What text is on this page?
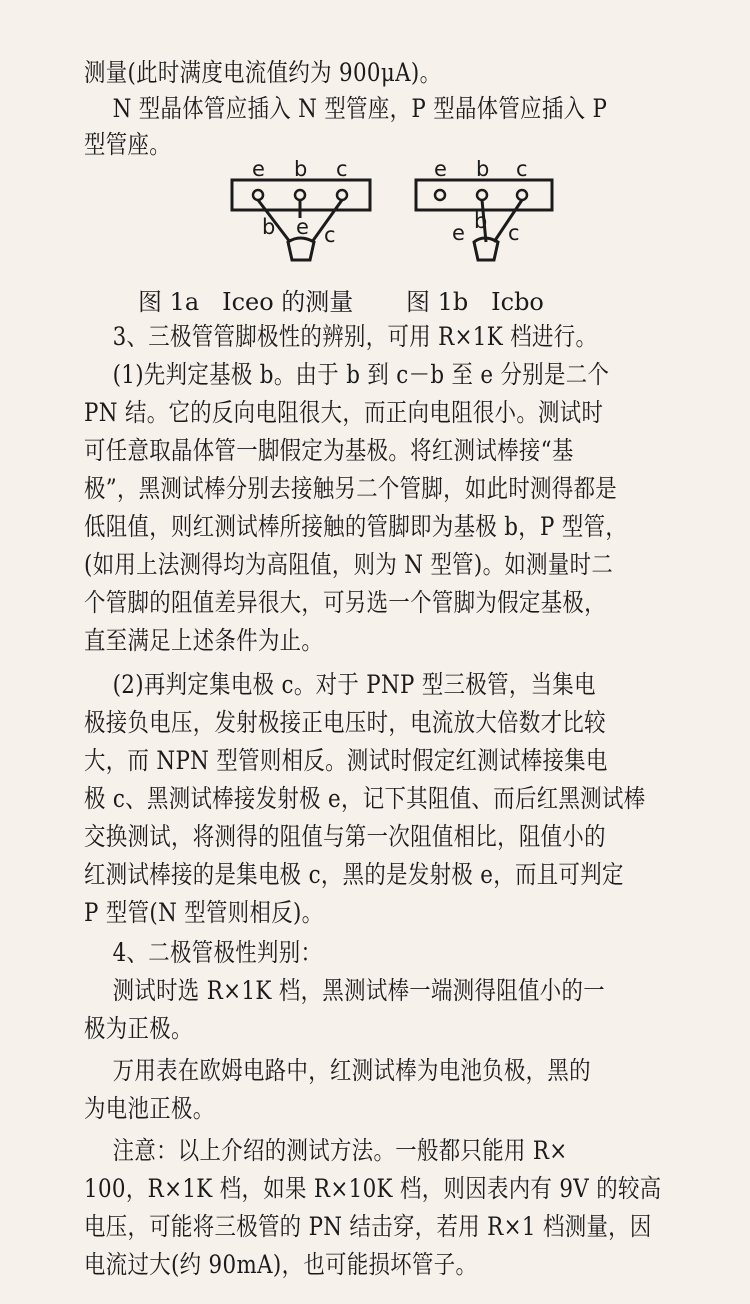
测量(此时满度电流值约为 900μA)。
N 型晶体管应插入 N 型管座，P 型晶体管应插入 P
型管座。
e b c
b e c
e b c
e b c
图 1a   Iceo 的测量 图 1b   Icbo
3、三极管管脚极性的辨别，可用 R×1K 档进行。
(1)先判定基极 b。由于 b 到 c－b 至 e 分别是二个
PN 结。它的反向电阻很大，而正向电阻很小。测试时
可任意取晶体管一脚假定为基极。将红测试棒接“基
极”，黑测试棒分别去接触另二个管脚，如此时测得都是
低阻值，则红测试棒所接触的管脚即为基极 b，P 型管，
(如用上法测得均为高阻值，则为 N 型管)。如测量时二
个管脚的阻值差异很大，可另选一个管脚为假定基极，
直至满足上述条件为止。
(2)再判定集电极 c。对于 PNP 型三极管，当集电
极接负电压，发射极接正电压时，电流放大倍数才比较
大，而 NPN 型管则相反。测试时假定红测试棒接集电
极 c、黑测试棒接发射极 e，记下其阻值、而后红黑测试棒
交换测试，将测得的阻值与第一次阻值相比，阻值小的
红测试棒接的是集电极 c，黑的是发射极 e，而且可判定
P 型管(N 型管则相反)。
4、二极管极性判别：
测试时选 R×1K 档，黑测试棒一端测得阻值小的一
极为正极。
万用表在欧姆电路中，红测试棒为电池负极，黑的
为电池正极。
注意：以上介绍的测试方法。一般都只能用 R×
100，R×1K 档，如果 R×10K 档，则因表内有 9V 的较高
电压，可能将三极管的 PN 结击穿，若用 R×1 档测量，因
电流过大(约 90mA)，也可能损坏管子。
